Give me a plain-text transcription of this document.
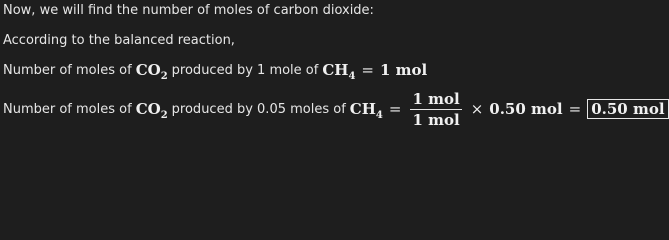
Now, we will find the number of moles of carbon dioxide:
According to the balanced reaction,
Number of moles of $CO_2$ produced by 1 mole of $CH_4 = 1$ mol
Number of moles of $CO_2$ produced by 0.05 moles of $CH_4 = \frac{\text{1 mol}}{\text{1 mol}} \times 0.50$ mol = 0.50 mol
